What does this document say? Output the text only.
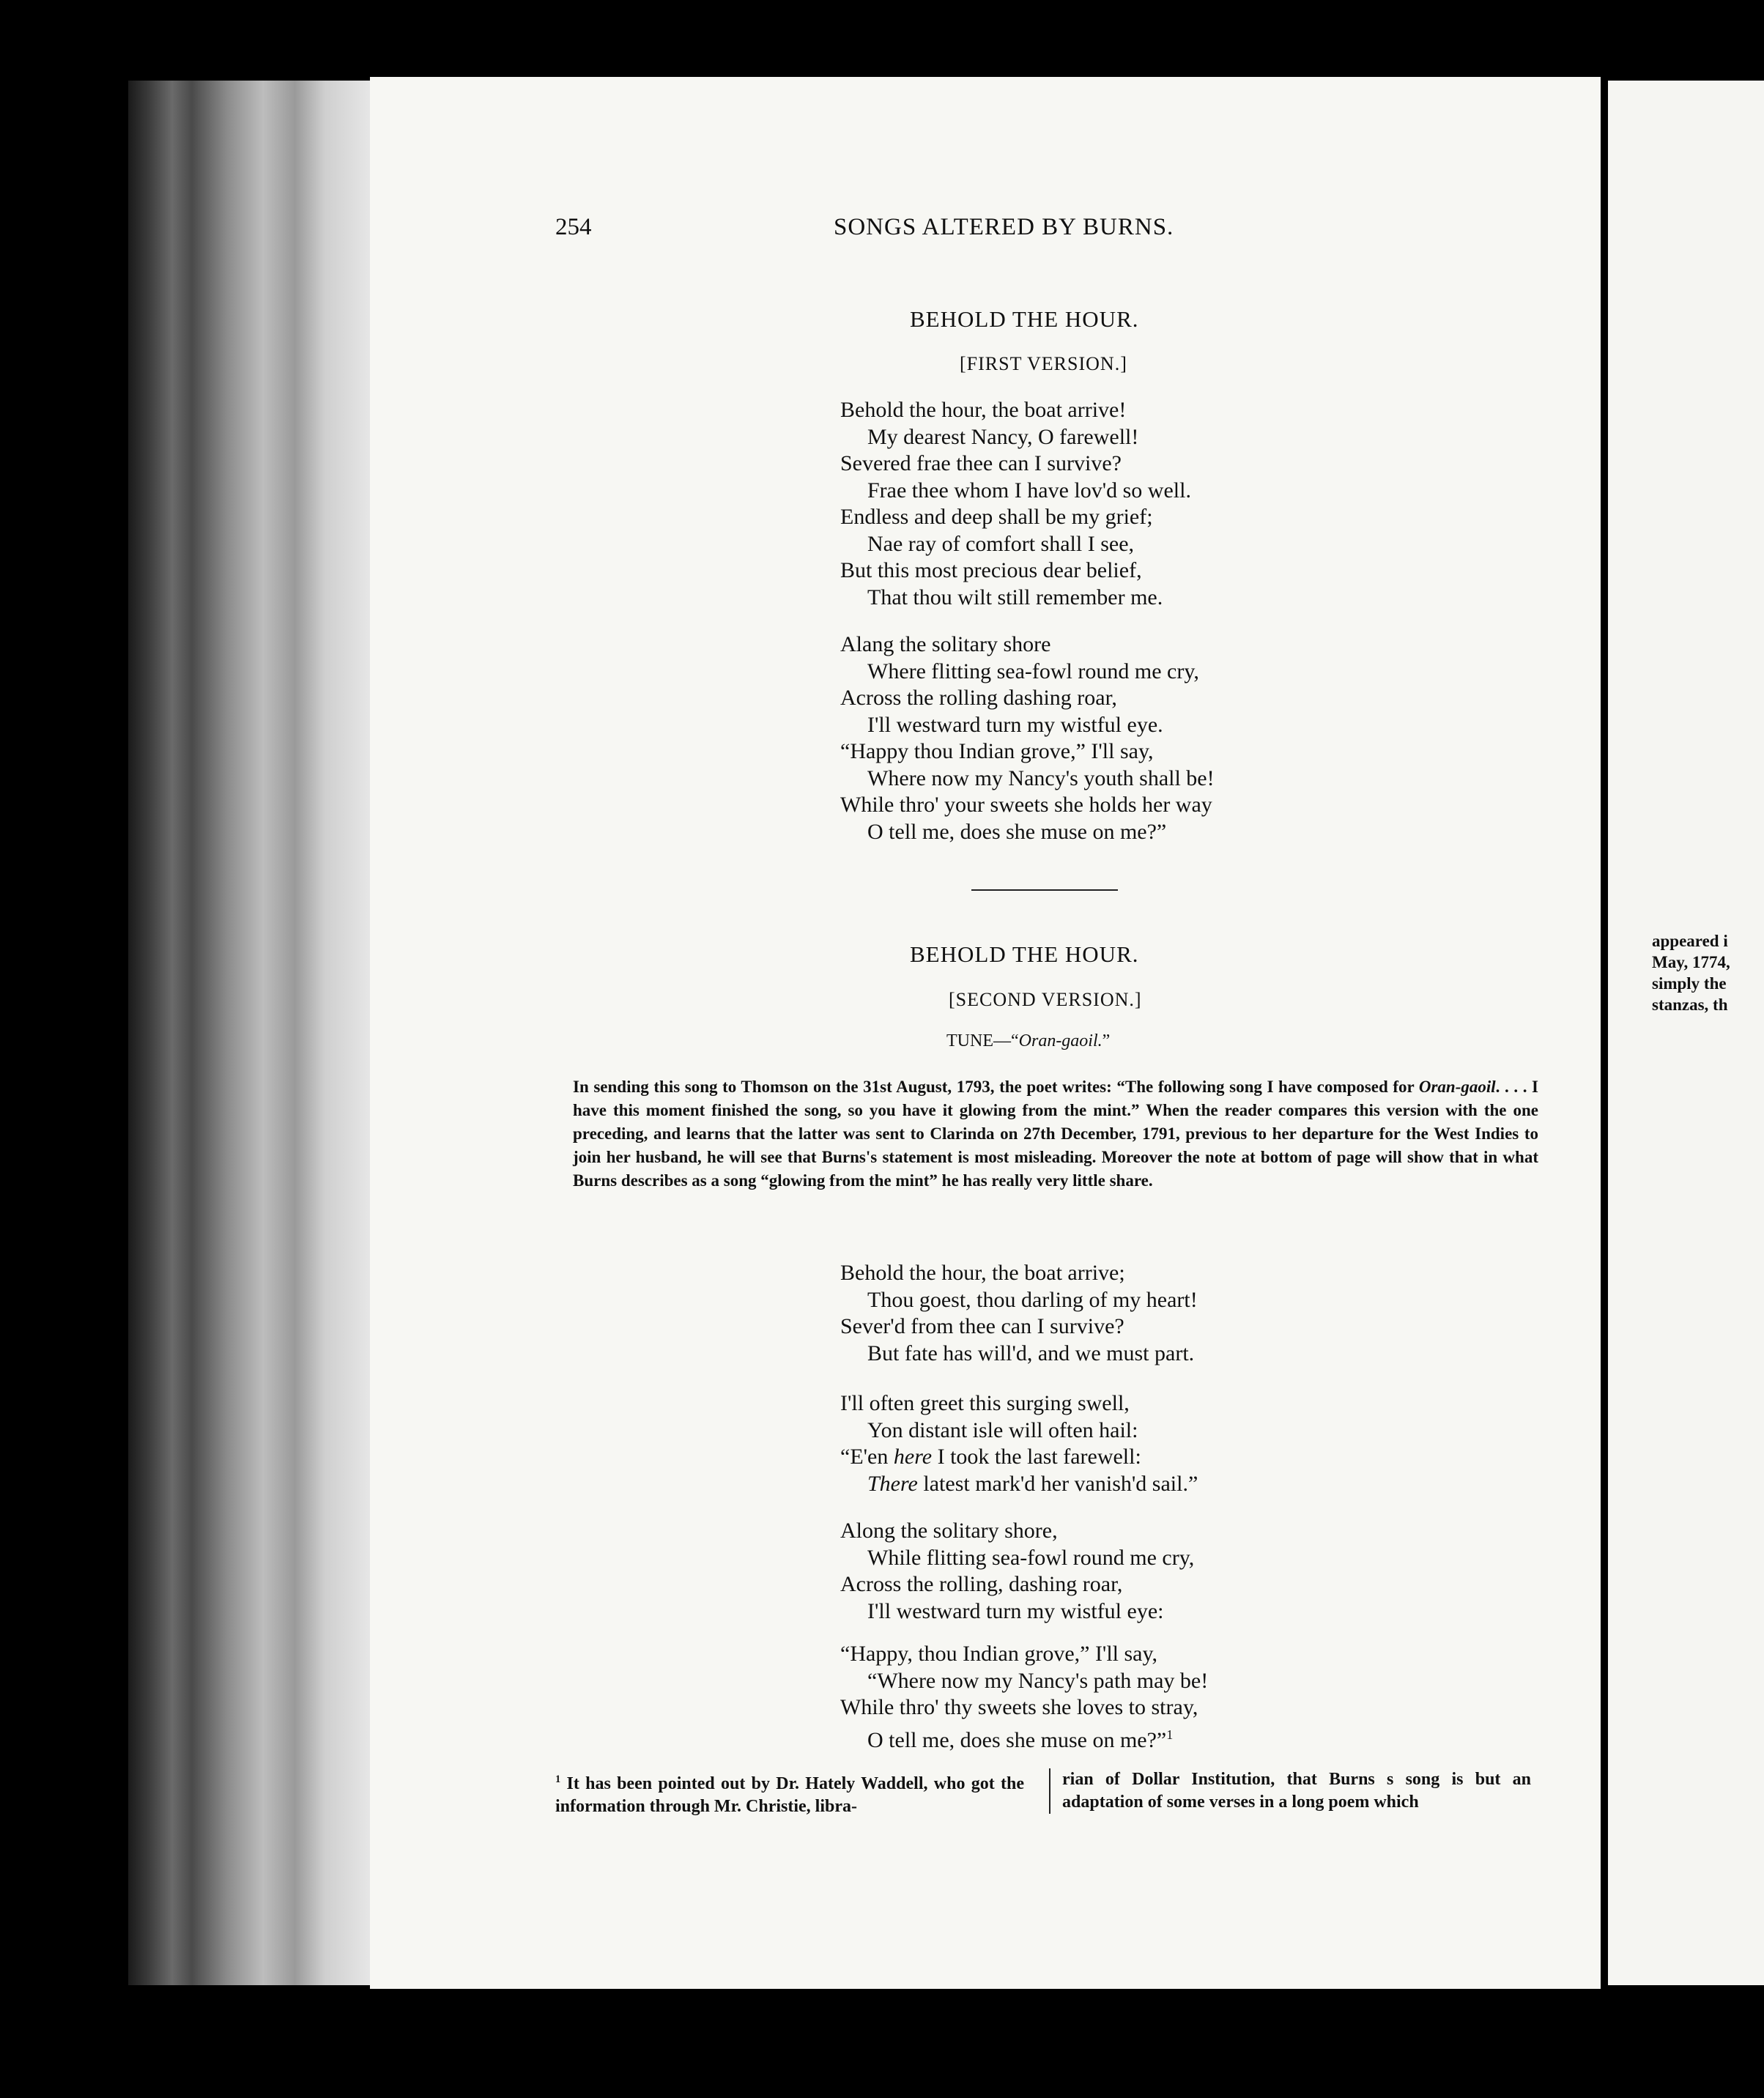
appeared i
May, 1774,
simply the
stanzas, th
254	SONGS ALTERED BY BURNS.
BEHOLD THE HOUR.
[FIRST VERSION.]
Behold the hour, the boat arrive!
My dearest Nancy, O farewell!
Severed frae thee can I survive?
Frae thee whom I have lov'd so well.
Endless and deep shall be my grief;
Nae ray of comfort shall I see,
But this most precious dear belief,
That thou wilt still remember me.
Alang the solitary shore
Where flitting sea-fowl round me cry,
Across the rolling dashing roar,
I'll westward turn my wistful eye.
“Happy thou Indian grove,” I'll say,
Where now my Nancy's youth shall be!
While thro' your sweets she holds her way
O tell me, does she muse on me?”
BEHOLD THE HOUR.
[SECOND VERSION.]
TUNE—“Oran-gaoil.”
In sending this song to Thomson on the 31st August, 1793, the poet writes: “The following song I have composed for Oran-gaoil. . . . I have this moment finished the song, so you have it glowing from the mint.” When the reader compares this version with the one preceding, and learns that the latter was sent to Clarinda on 27th December, 1791, previous to her departure for the West Indies to join her husband, he will see that Burns's statement is most misleading. Moreover the note at bottom of page will show that in what Burns describes as a song “glowing from the mint” he has really very little share.
Behold the hour, the boat arrive;
Thou goest, thou darling of my heart!
Sever'd from thee can I survive?
But fate has will'd, and we must part.
I'll often greet this surging swell,
Yon distant isle will often hail:
“E'en here I took the last farewell:
There latest mark'd her vanish'd sail.”
Along the solitary shore,
While flitting sea-fowl round me cry,
Across the rolling, dashing roar,
I'll westward turn my wistful eye:
“Happy, thou Indian grove,” I'll say,
“Where now my Nancy's path may be!
While thro' thy sweets she loves to stray,
O tell me, does she muse on me?”$^1$
$^1$ It has been pointed out by Dr. Hately Waddell, who got the information through Mr. Christie, libra-
rian of Dollar Institution, that Burns s song is but an adaptation of some verses in a long poem which
